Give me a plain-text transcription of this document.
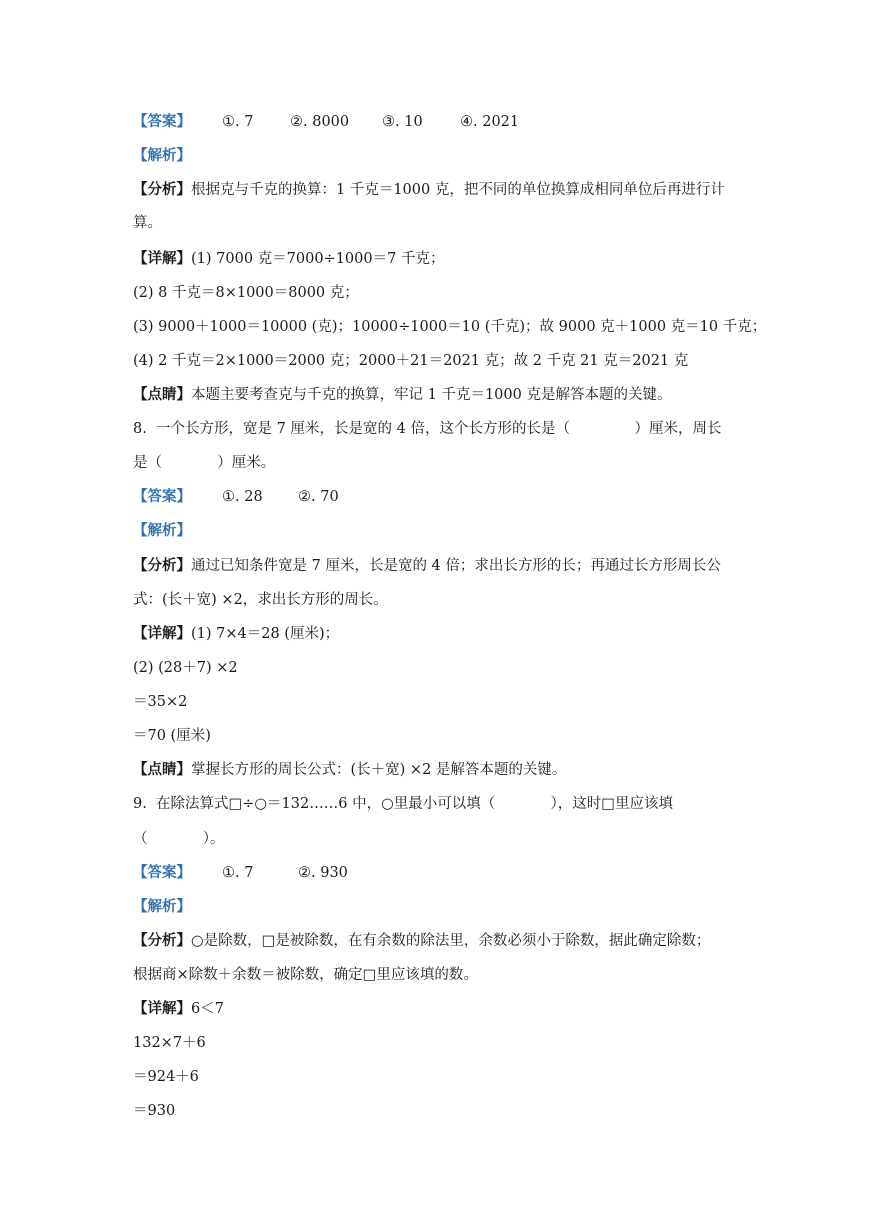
【答案】 ①. 7	②. 8000 ③. 10	④. 2021
【解析】
【分析】根据克与千克的换算：1 千克＝1000 克，把不同的单位换算成相同单位后再进行计
算。
【详解】(1) 7000 克＝7000÷1000＝7 千克；
(2) 8 千克＝8×1000＝8000 克；
(3) 9000＋1000＝10000 (克)；10000÷1000＝10 (千克)；故 9000 克＋1000 克＝10 千克；
(4) 2 千克＝2×1000＝2000 克；2000＋21＝2021 克；故 2 千克 21 克＝2021 克
【点睛】本题主要考查克与千克的换算，牢记 1 千克＝1000 克是解答本题的关键。
8.  一个长方形，宽是 7 厘米，长是宽的 4 倍，这个长方形的长是（              ）厘米，周长
是（            ）厘米。
【答案】 ①. 28 ②. 70
【解析】
【分析】通过已知条件宽是 7 厘米，长是宽的 4 倍；求出长方形的长；再通过长方形周长公
式：(长＋宽) ×2，求出长方形的周长。
【详解】(1) 7×4＝28 (厘米)；
(2) (28＋7) ×2
＝35×2
＝70 (厘米)
【点睛】掌握长方形的周长公式：(长＋宽) ×2 是解答本题的关键。
9.  在除法算式□÷○＝132……6 中，○里最小可以填（            ），这时□里应该填
（            ）。
【答案】 ①. 7	②. 930
【解析】
【分析】○是除数，□是被除数，在有余数的除法里，余数必须小于除数，据此确定除数；
根据商×除数＋余数＝被除数，确定□里应该填的数。
【详解】6＜7
132×7＋6
＝924＋6
＝930
